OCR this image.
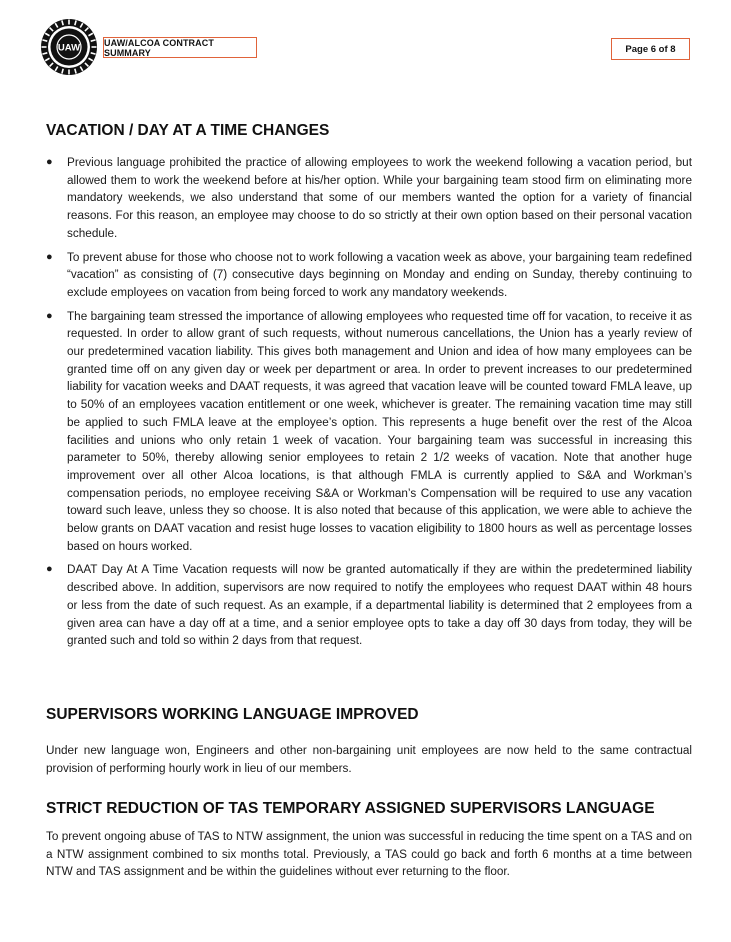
UAW	UAW/ALCOA CONTRACT SUMMARY	Page 6 of 8
VACATION / DAY AT A TIME CHANGES
● Previous language prohibited the practice of allowing employees to work the weekend following a vacation period, but allowed them to work the weekend before at his/her option. While your bargaining team stood firm on eliminating more mandatory weekends, we also understand that some of our members wanted the option for a variety of financial reasons. For this reason, an employee may choose to do so strictly at their own option based on their personal vacation schedule.
● To prevent abuse for those who choose not to work following a vacation week as above, your bargaining team redefined “vacation” as consisting of (7) consecutive days beginning on Monday and ending on Sunday, thereby continuing to exclude employees on vacation from being forced to work any mandatory weekends.
● The bargaining team stressed the importance of allowing employees who requested time off for vacation, to receive it as requested. In order to allow grant of such requests, without numerous cancellations, the Union has a yearly review of our predetermined vacation liability. This gives both management and Union and idea of how many employees can be granted time off on any given day or week per department or area. In order to prevent increases to our predetermined liability for vacation weeks and DAAT requests, it was agreed that vacation leave will be counted toward FMLA leave, up to 50% of an employees vacation entitlement or one week, whichever is greater. The remaining vacation time may still be applied to such FMLA leave at the employee’s option. This represents a huge benefit over the rest of the Alcoa facilities and unions who only retain 1 week of vacation. Your bargaining team was successful in increasing this parameter to 50%, thereby allowing senior employees to retain 2 1/2 weeks of vacation. Note that another huge improvement over all other Alcoa locations, is that although FMLA is currently applied to S&A and Workman’s compensation periods, no employee receiving S&A or Workman’s Compensation will be required to use any vacation toward such leave, unless they so choose. It is also noted that because of this application, we were able to achieve the below grants on DAAT vacation and resist huge losses to vacation eligibility to 1800 hours as well as percentage losses based on hours worked.
● DAAT Day At A Time Vacation requests will now be granted automatically if they are within the predetermined liability described above. In addition, supervisors are now required to notify the employees who request DAAT within 48 hours or less from the date of such request. As an example, if a departmental liability is determined that 2 employees from a given area can have a day off at a time, and a senior employee opts to take a day off 30 days from today, they will be granted such and told so within 2 days from that request.
SUPERVISORS WORKING LANGUAGE IMPROVED

Under new language won, Engineers and other non-bargaining unit employees are now held to the same contractual provision of performing hourly work in lieu of our members.

STRICT REDUCTION OF TAS TEMPORARY ASSIGNED SUPERVISORS LANGUAGE

To prevent ongoing abuse of TAS to NTW assignment, the union was successful in reducing the time spent on a TAS and on a NTW assignment combined to six months total. Previously, a TAS could go back and forth 6 months at a time between NTW and TAS assignment and be within the guidelines without ever returning to the floor.
